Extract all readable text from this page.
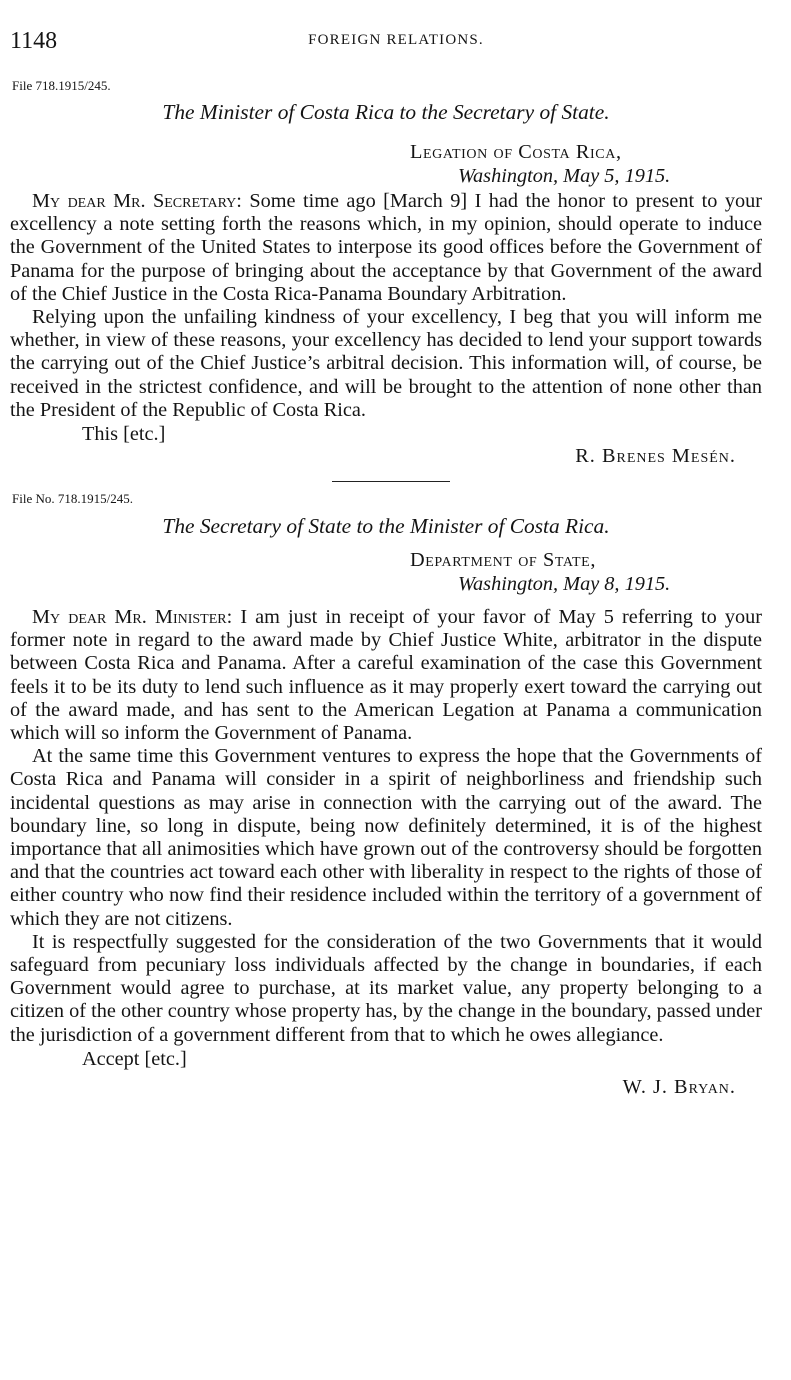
1148	FOREIGN RELATIONS.
File 718.1915/245.
The Minister of Costa Rica to the Secretary of State.
Legation of Costa Rica,
Washington, May 5, 1915.

My dear Mr. Secretary: Some time ago [March 9] I had the honor to present to your excellency a note setting forth the reasons which, in my opinion, should operate to induce the Government of the United States to interpose its good offices before the Government of Panama for the purpose of bringing about the acceptance by that Government of the award of the Chief Justice in the Costa Rica-Panama Boundary Arbitration.

Relying upon the unfailing kindness of your excellency, I beg that you will inform me whether, in view of these reasons, your excellency has decided to lend your support towards the carrying out of the Chief Justice’s arbitral decision. This information will, of course, be received in the strictest confidence, and will be brought to the attention of none other than the President of the Republic of Costa Rica.

This [etc.]
R. Brenes Mesén.
File No. 718.1915/245.
The Secretary of State to the Minister of Costa Rica.
Department of State,
Washington, May 8, 1915.

My dear Mr. Minister: I am just in receipt of your favor of May 5 referring to your former note in regard to the award made by Chief Justice White, arbitrator in the dispute between Costa Rica and Panama. After a careful examination of the case this Government feels it to be its duty to lend such influence as it may properly exert toward the carrying out of the award made, and has sent to the American Legation at Panama a communication which will so inform the Government of Panama.

At the same time this Government ventures to express the hope that the Governments of Costa Rica and Panama will consider in a spirit of neighborliness and friendship such incidental questions as may arise in connection with the carrying out of the award. The boundary line, so long in dispute, being now definitely determined, it is of the highest importance that all animosities which have grown out of the controversy should be forgotten and that the countries act toward each other with liberality in respect to the rights of those of either country who now find their residence included within the territory of a government of which they are not citizens.

It is respectfully suggested for the consideration of the two Governments that it would safeguard from pecuniary loss individuals affected by the change in boundaries, if each Government would agree to purchase, at its market value, any property belonging to a citizen of the other country whose property has, by the change in the boundary, passed under the jurisdiction of a government different from that to which he owes allegiance.

Accept [etc.]
W. J. Bryan.
